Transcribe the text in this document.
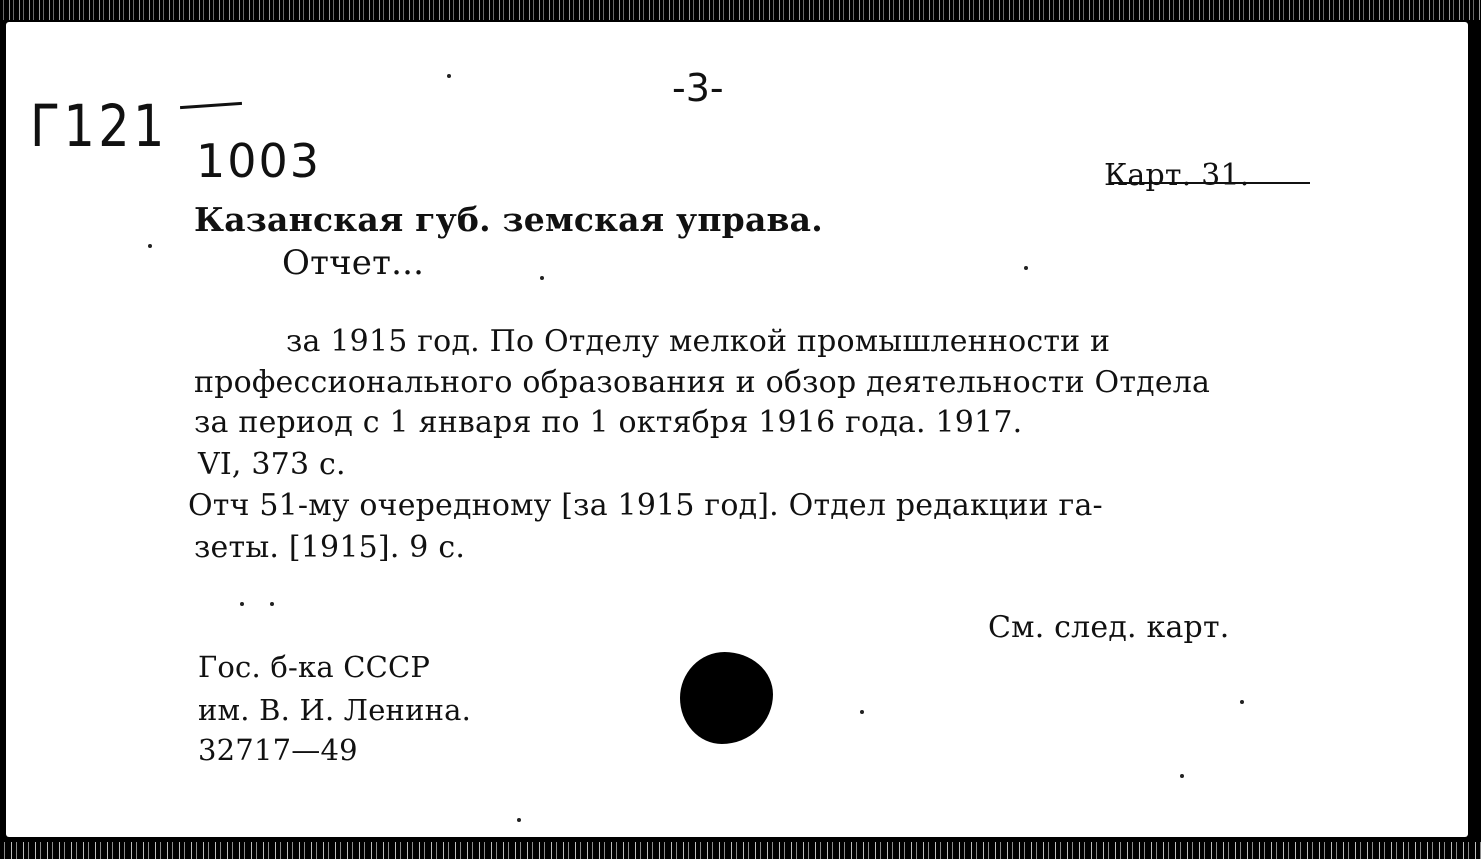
Г121
1003
-3-
Карт. 31.
Казанская губ. земская управа.
Отчет...
за 1915 год. По Отделу мелкой промышленности и
профессионального образования и обзор деятельности Отдела
за период с 1 января по 1 октября 1916 года. 1917.
VI, 373 с.
Отч 51-му очередному [за 1915 год]. Отдел редакции га-
зеты. [1915]. 9 с.
См. след. карт.
Гос. б-ка СССР
им. В. И. Ленина.
32717—49
